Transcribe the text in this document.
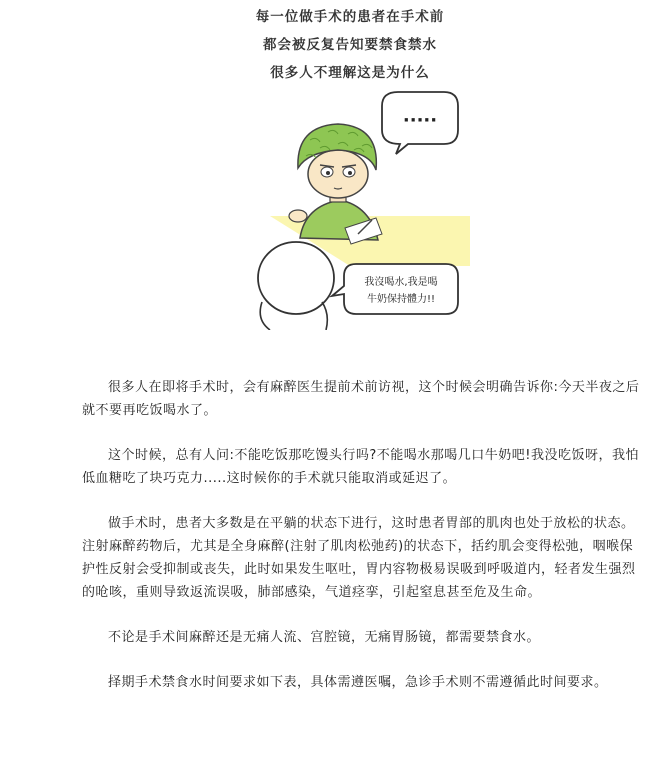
每一位做手术的患者在手术前
都会被反复告知要禁食禁水
很多人不理解这是为什么
·····
我沒喝水,我是喝
牛奶保持體力!!

很多人在即将手术时，会有麻醉医生提前术前访视，这个时候会明确告诉你:今天半夜之后就不要再吃饭喝水了。

这个时候，总有人问:不能吃饭那吃馒头行吗?不能喝水那喝几口牛奶吧!我没吃饭呀，我怕低血糖吃了块巧克力.....这时候你的手术就只能取消或延迟了。

做手术时，患者大多数是在平躺的状态下进行，这时患者胃部的肌肉也处于放松的状态。注射麻醉药物后，尤其是全身麻醉(注射了肌肉松弛药)的状态下，括约肌会变得松弛，咽喉保护性反射会受抑制或丧失，此时如果发生呕吐，胃内容物极易误吸到呼吸道内，轻者发生强烈的呛咳，重则导致返流误吸，肺部感染，气道痉挛，引起窒息甚至危及生命。

不论是手术间麻醉还是无痛人流、宫腔镜，无痛胃肠镜，都需要禁食水。

择期手术禁食水时间要求如下表，具体需遵医嘱，急诊手术则不需遵循此时间要求。
